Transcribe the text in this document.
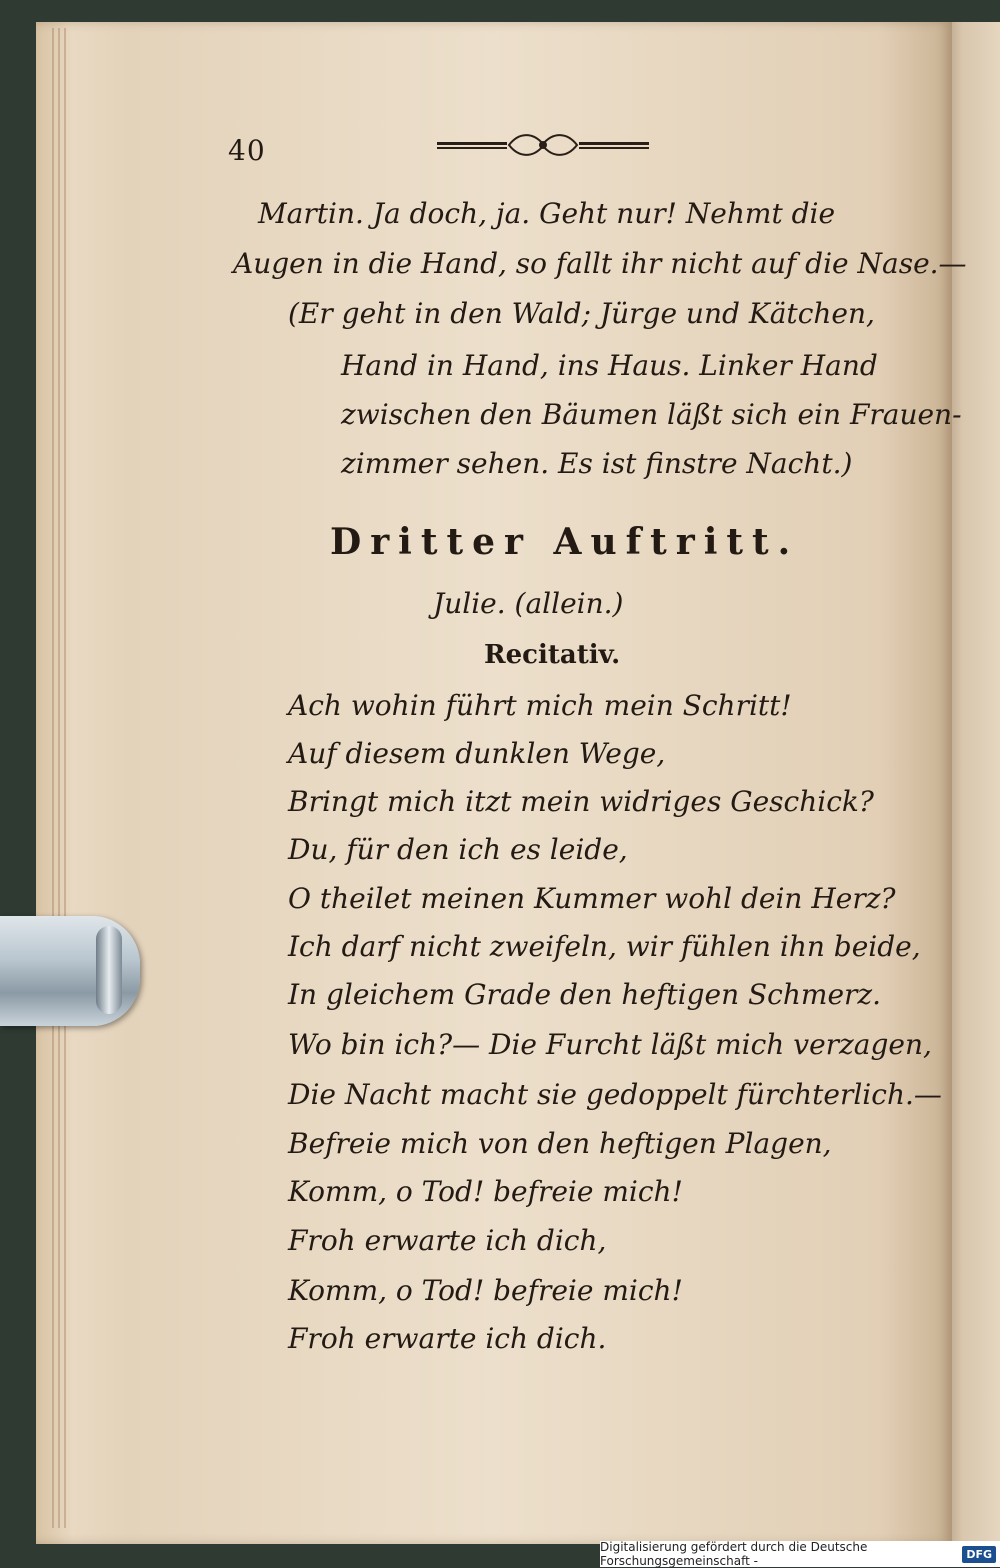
40
Martin. Ja doch, ja. Geht nur! Nehmt die
Augen in die Hand, so fallt ihr nicht auf die Nase.—
(Er geht in den Wald; Jürge und Kätchen,
Hand in Hand, ins Haus. Linker Hand
zwischen den Bäumen läßt sich ein Frauen-
zimmer sehen. Es ist finstre Nacht.)
Dritter Auftritt.
Julie. (allein.)
Recitativ.
Ach wohin führt mich mein Schritt!
Auf diesem dunklen Wege,
Bringt mich itzt mein widriges Geschick?
Du, für den ich es leide,
O theilet meinen Kummer wohl dein Herz?
Ich darf nicht zweifeln, wir fühlen ihn beide,
In gleichem Grade den heftigen Schmerz.
Wo bin ich?— Die Furcht läßt mich verzagen,
Die Nacht macht sie gedoppelt fürchterlich.—
Befreie mich von den heftigen Plagen,
Komm, o Tod! befreie mich!
Froh erwarte ich dich,
Komm, o Tod! befreie mich!
Froh erwarte ich dich.
Digitalisierung gefördert durch die Deutsche Forschungsgemeinschaft -	DFG
